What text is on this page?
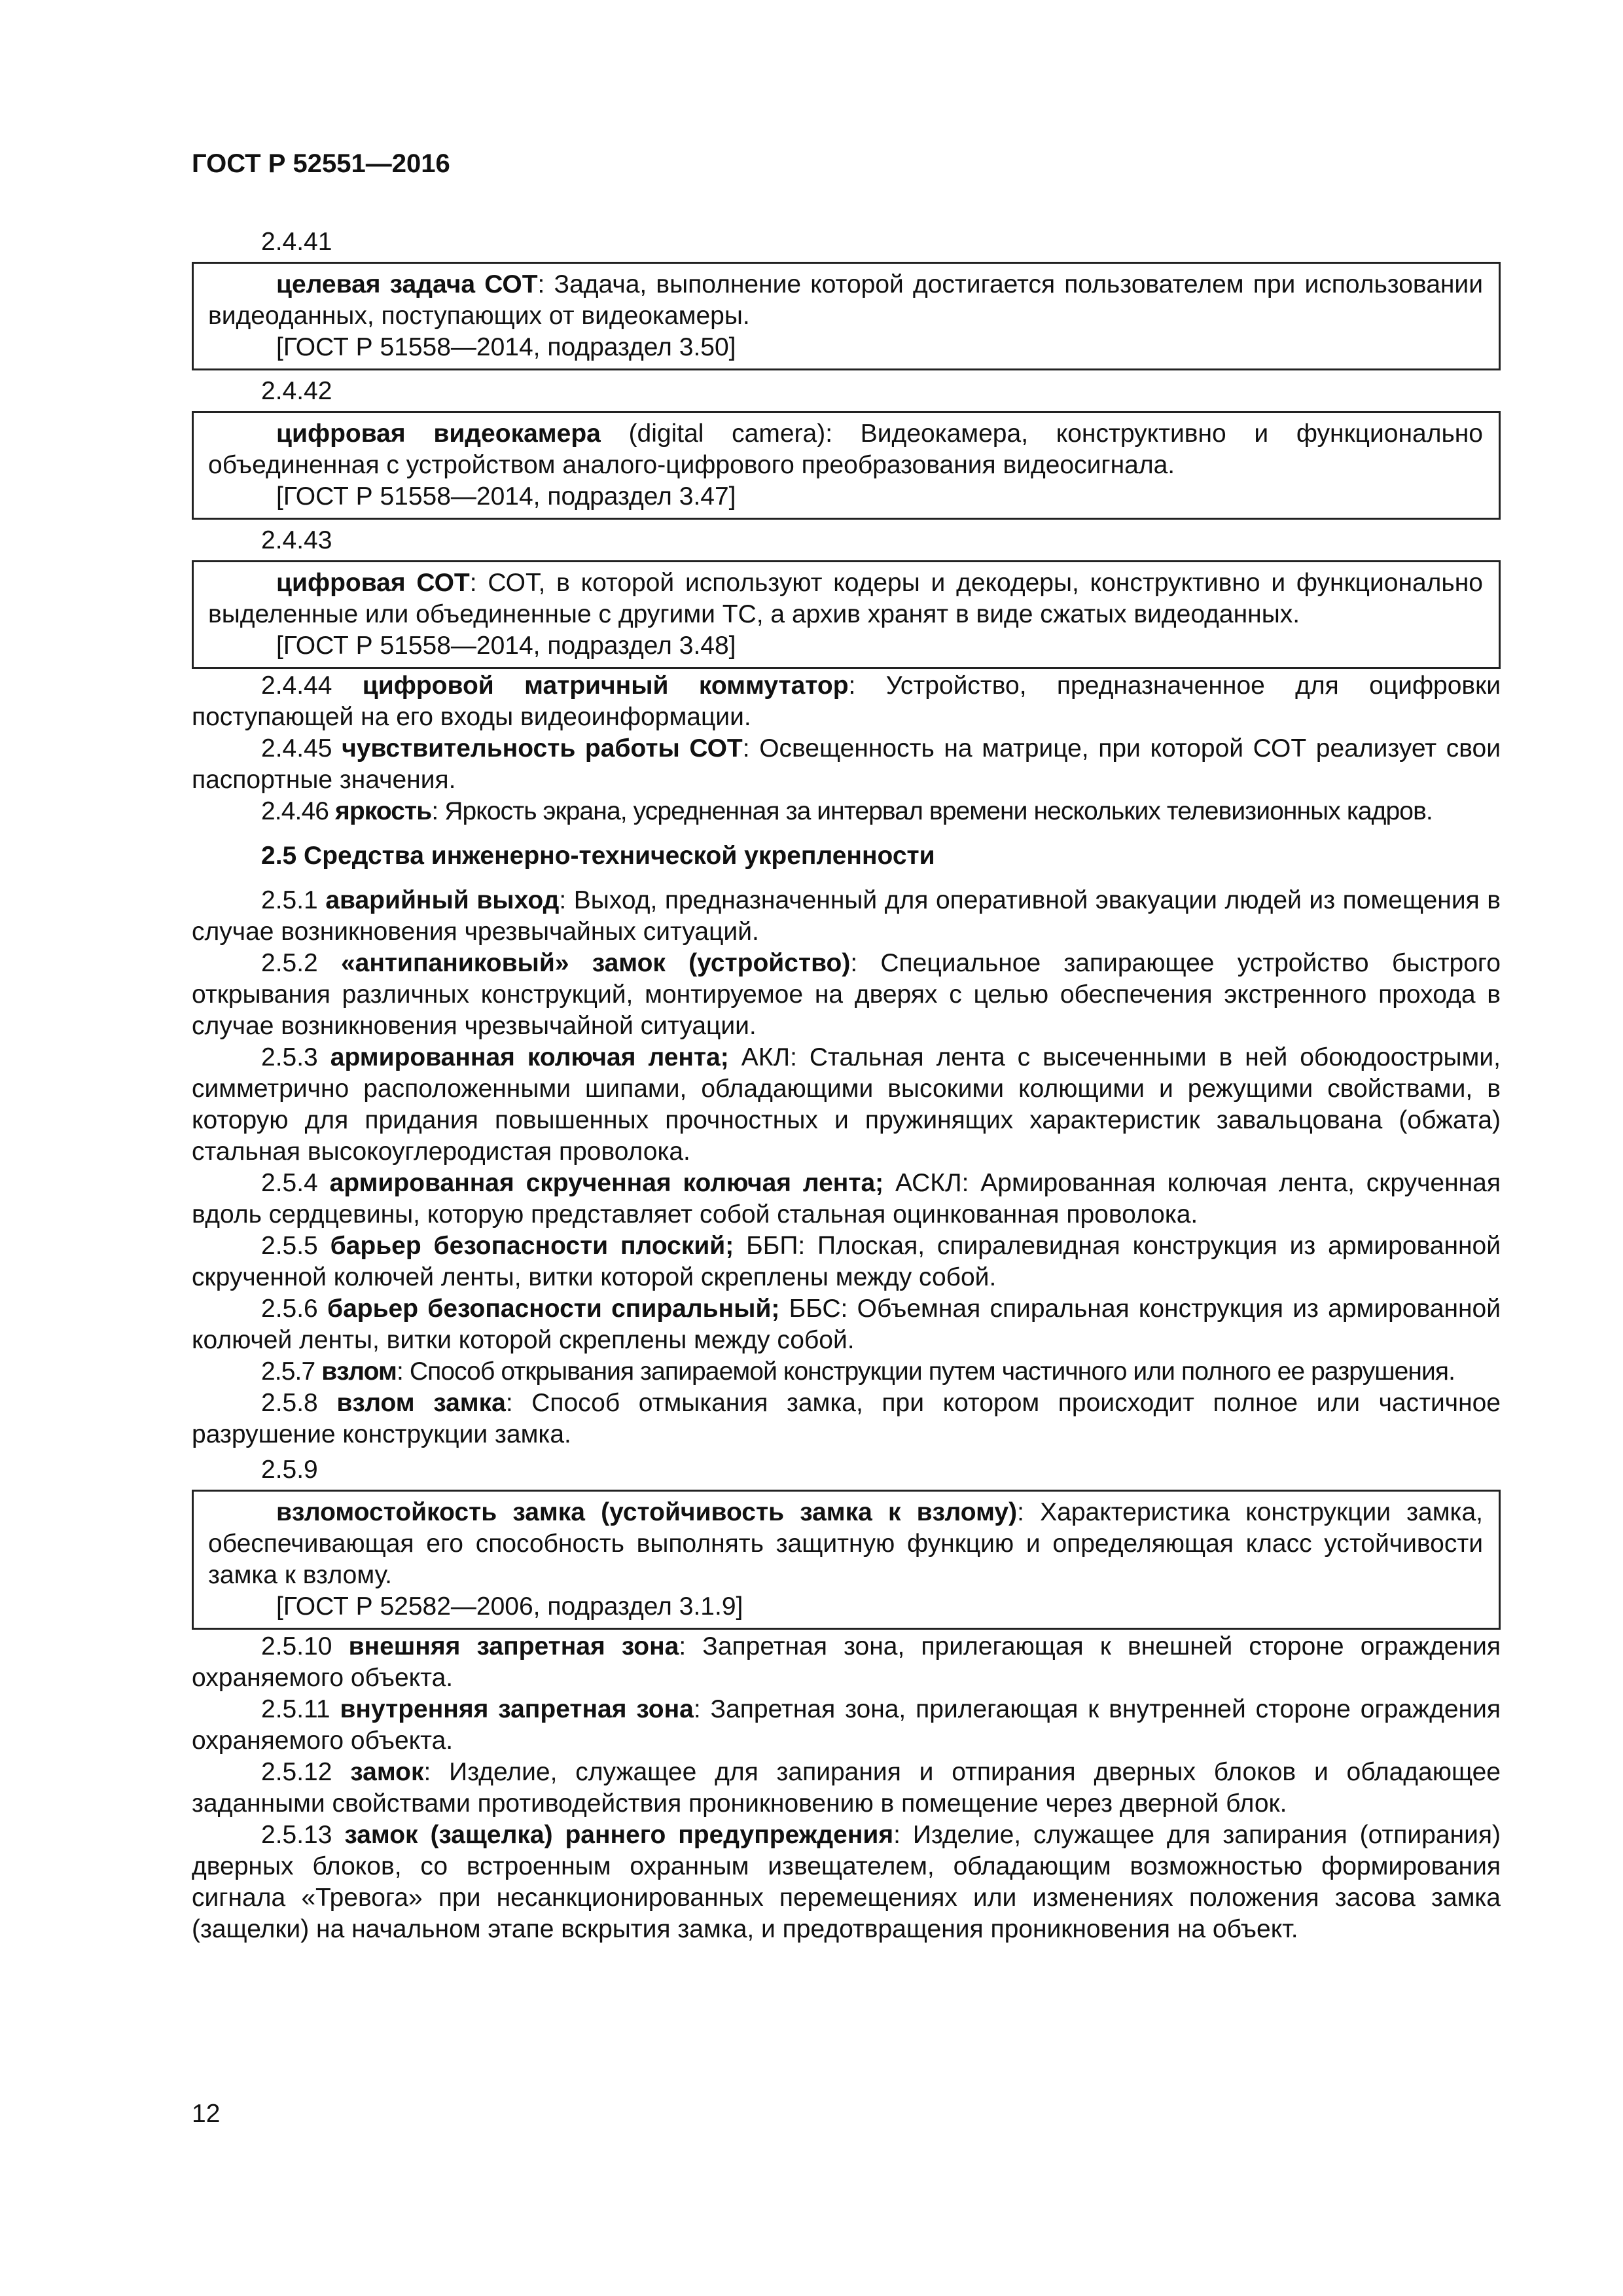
ГОСТ Р 52551—2016
2.4.41
целевая задача СОТ: Задача, выполнение которой достигается пользователем при использовании видеоданных, поступающих от видеокамеры.
[ГОСТ Р 51558—2014, подраздел 3.50]
2.4.42
цифровая видеокамера (digital camera): Видеокамера, конструктивно и функционально объединенная с устройством аналого-цифрового преобразования видеосигнала.
[ГОСТ Р 51558—2014, подраздел 3.47]
2.4.43
цифровая СОТ: СОТ, в которой используют кодеры и декодеры, конструктивно и функционально выделенные или объединенные с другими ТС, а архив хранят в виде сжатых видеоданных.
[ГОСТ Р 51558—2014, подраздел 3.48]
2.4.44 цифровой матричный коммутатор: Устройство, предназначенное для оцифровки поступающей на его входы видеоинформации.
2.4.45 чувствительность работы СОТ: Освещенность на матрице, при которой СОТ реализует свои паспортные значения.
2.4.46 яркость: Яркость экрана, усредненная за интервал времени нескольких телевизионных кадров.
2.5 Средства инженерно-технической укрепленности
2.5.1 аварийный выход: Выход, предназначенный для оперативной эвакуации людей из помещения в случае возникновения чрезвычайных ситуаций.
2.5.2 «антипаниковый» замок (устройство): Специальное запирающее устройство быстрого открывания различных конструкций, монтируемое на дверях с целью обеспечения экстренного прохода в случае возникновения чрезвычайной ситуации.
2.5.3 армированная колючая лента; АКЛ: Стальная лента с высеченными в ней обоюдоострыми, симметрично расположенными шипами, обладающими высокими колющими и режущими свойствами, в которую для придания повышенных прочностных и пружинящих характеристик завальцована (обжата) стальная высокоуглеродистая проволока.
2.5.4 армированная скрученная колючая лента; АСКЛ: Армированная колючая лента, скрученная вдоль сердцевины, которую представляет собой стальная оцинкованная проволока.
2.5.5 барьер безопасности плоский; ББП: Плоская, спиралевидная конструкция из армированной скрученной колючей ленты, витки которой скреплены между собой.
2.5.6 барьер безопасности спиральный; ББС: Объемная спиральная конструкция из армированной колючей ленты, витки которой скреплены между собой.
2.5.7 взлом: Способ открывания запираемой конструкции путем частичного или полного ее разрушения.
2.5.8 взлом замка: Способ отмыкания замка, при котором происходит полное или частичное разрушение конструкции замка.
2.5.9
взломостойкость замка (устойчивость замка к взлому): Характеристика конструкции замка, обеспечивающая его способность выполнять защитную функцию и определяющая класс устойчивости замка к взлому.
[ГОСТ Р 52582—2006, подраздел 3.1.9]
2.5.10 внешняя запретная зона: Запретная зона, прилегающая к внешней стороне ограждения охраняемого объекта.
2.5.11 внутренняя запретная зона: Запретная зона, прилегающая к внутренней стороне ограждения охраняемого объекта.
2.5.12 замок: Изделие, служащее для запирания и отпирания дверных блоков и обладающее заданными свойствами противодействия проникновению в помещение через дверной блок.
2.5.13 замок (защелка) раннего предупреждения: Изделие, служащее для запирания (отпирания) дверных блоков, со встроенным охранным извещателем, обладающим возможностью формирования сигнала «Тревога» при несанкционированных перемещениях или изменениях положения засова замка (защелки) на начальном этапе вскрытия замка, и предотвращения проникновения на объект.
12
